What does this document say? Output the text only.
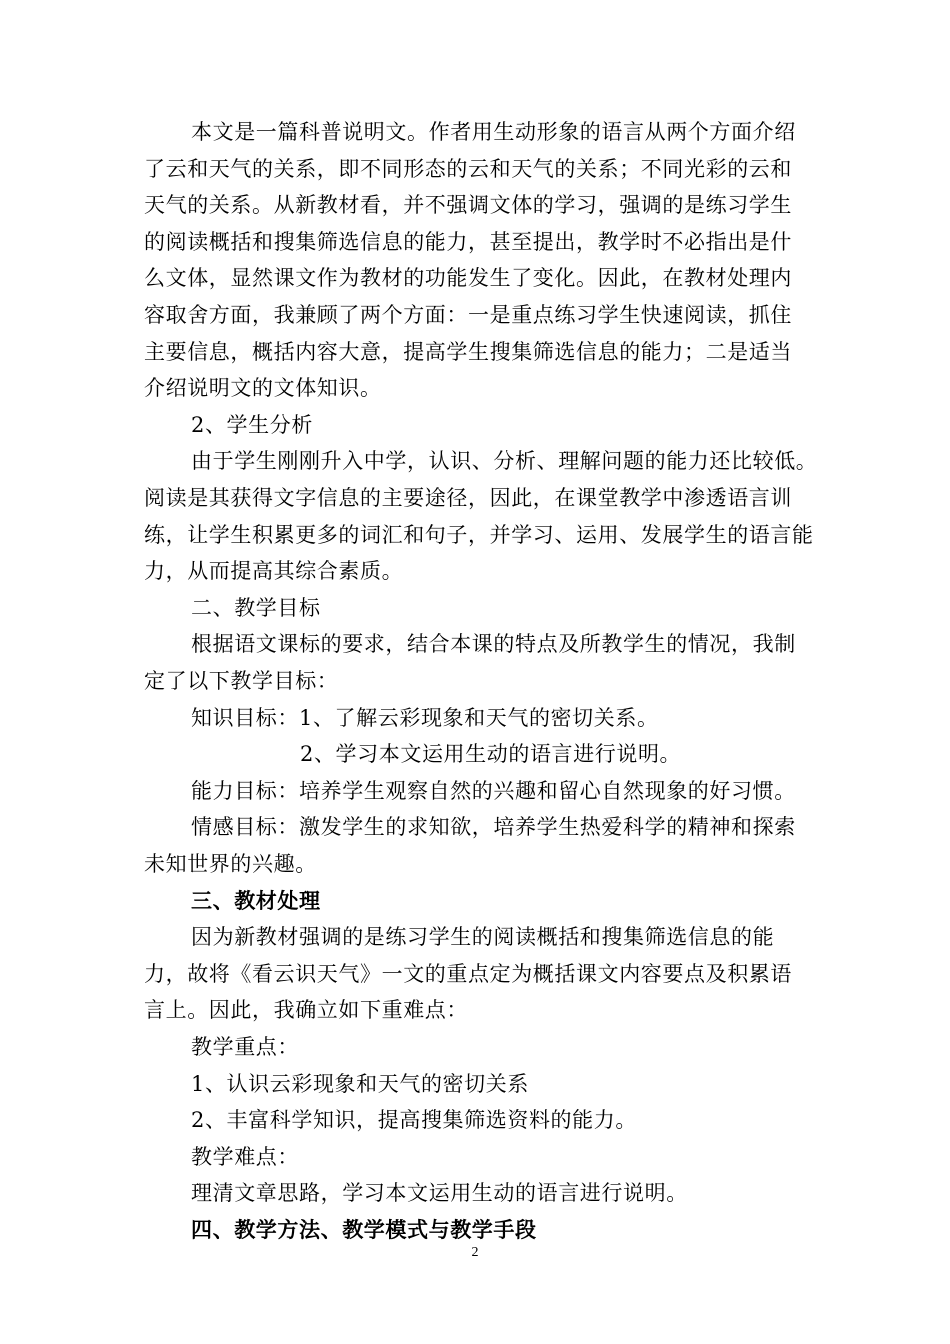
本文是一篇科普说明文。作者用生动形象的语言从两个方面介绍
了云和天气的关系，即不同形态的云和天气的关系；不同光彩的云和
天气的关系。从新教材看，并不强调文体的学习，强调的是练习学生
的阅读概括和搜集筛选信息的能力，甚至提出，教学时不必指出是什
么文体，显然课文作为教材的功能发生了变化。因此，在教材处理内
容取舍方面，我兼顾了两个方面：一是重点练习学生快速阅读，抓住
主要信息，概括内容大意，提高学生搜集筛选信息的能力；二是适当
介绍说明文的文体知识。
2、学生分析
由于学生刚刚升入中学，认识、分析、理解问题的能力还比较低。
阅读是其获得文字信息的主要途径，因此，在课堂教学中渗透语言训
练，让学生积累更多的词汇和句子，并学习、运用、发展学生的语言能
力，从而提高其综合素质。
二、教学目标
根据语文课标的要求，结合本课的特点及所教学生的情况，我制
定了以下教学目标：
知识目标：1、了解云彩现象和天气的密切关系。
2、学习本文运用生动的语言进行说明。
能力目标：培养学生观察自然的兴趣和留心自然现象的好习惯。
情感目标：激发学生的求知欲，培养学生热爱科学的精神和探索
未知世界的兴趣。
三、教材处理
因为新教材强调的是练习学生的阅读概括和搜集筛选信息的能
力，故将《看云识天气》一文的重点定为概括课文内容要点及积累语
言上。因此，我确立如下重难点：
教学重点：
1、认识云彩现象和天气的密切关系
2、丰富科学知识，提高搜集筛选资料的能力。
教学难点：
理清文章思路，学习本文运用生动的语言进行说明。
四、教学方法、教学模式与教学手段
2
